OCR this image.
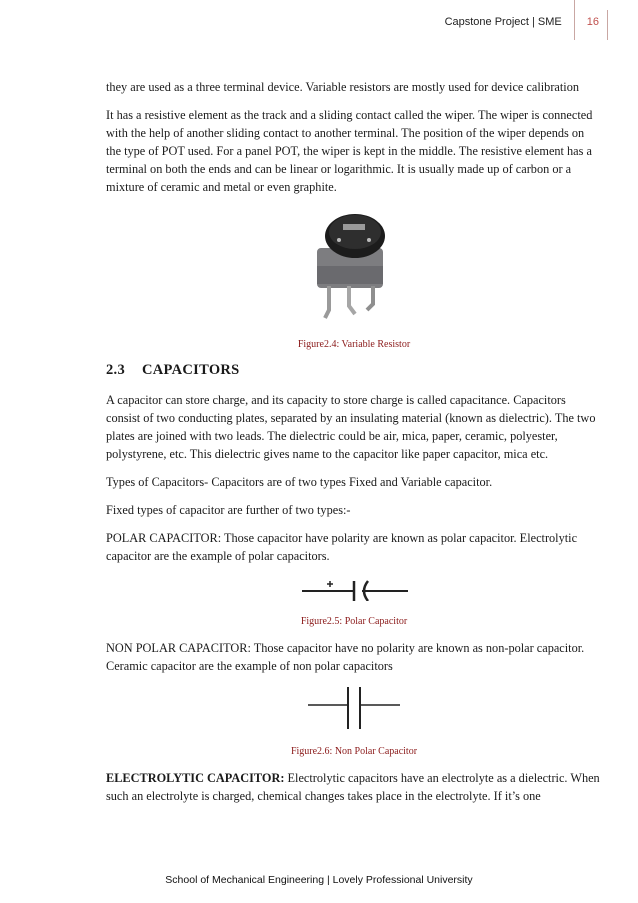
Capstone Project | SME	16

they are used as a three terminal device. Variable resistors are mostly used for device calibration

It has a resistive element as the track and a sliding contact called the wiper. The wiper is connected with the help of another sliding contact to another terminal. The position of the wiper depends on the type of POT used. For a panel POT, the wiper is kept in the middle. The resistive element has a terminal on both the ends and can be linear or logarithmic. It is usually made up of carbon or a mixture of ceramic and metal or even graphite.

Figure2.4: Variable Resistor
2.3 CAPACITORS

A capacitor can store charge, and its capacity to store charge is called capacitance. Capacitors consist of two conducting plates, separated by an insulating material (known as dielectric). The two plates are joined with two leads. The dielectric could be air, mica, paper, ceramic, polyester, polystyrene, etc. This dielectric gives name to the capacitor like paper capacitor, mica etc.

Types of Capacitors- Capacitors are of two types Fixed and Variable capacitor.

Fixed types of capacitor are further of two types:-

POLAR CAPACITOR: Those capacitor have polarity are known as polar capacitor. Electrolytic capacitor are the example of polar capacitors.

Figure2.5: Polar Capacitor

NON POLAR CAPACITOR: Those capacitor have no polarity are known as non-polar capacitor. Ceramic capacitor are the example of non polar capacitors

Figure2.6: Non Polar Capacitor

ELECTROLYTIC CAPACITOR: Electrolytic capacitors have an electrolyte as a dielectric. When such an electrolyte is charged, chemical changes takes place in the electrolyte. If it’s one

School of Mechanical Engineering | Lovely Professional University
